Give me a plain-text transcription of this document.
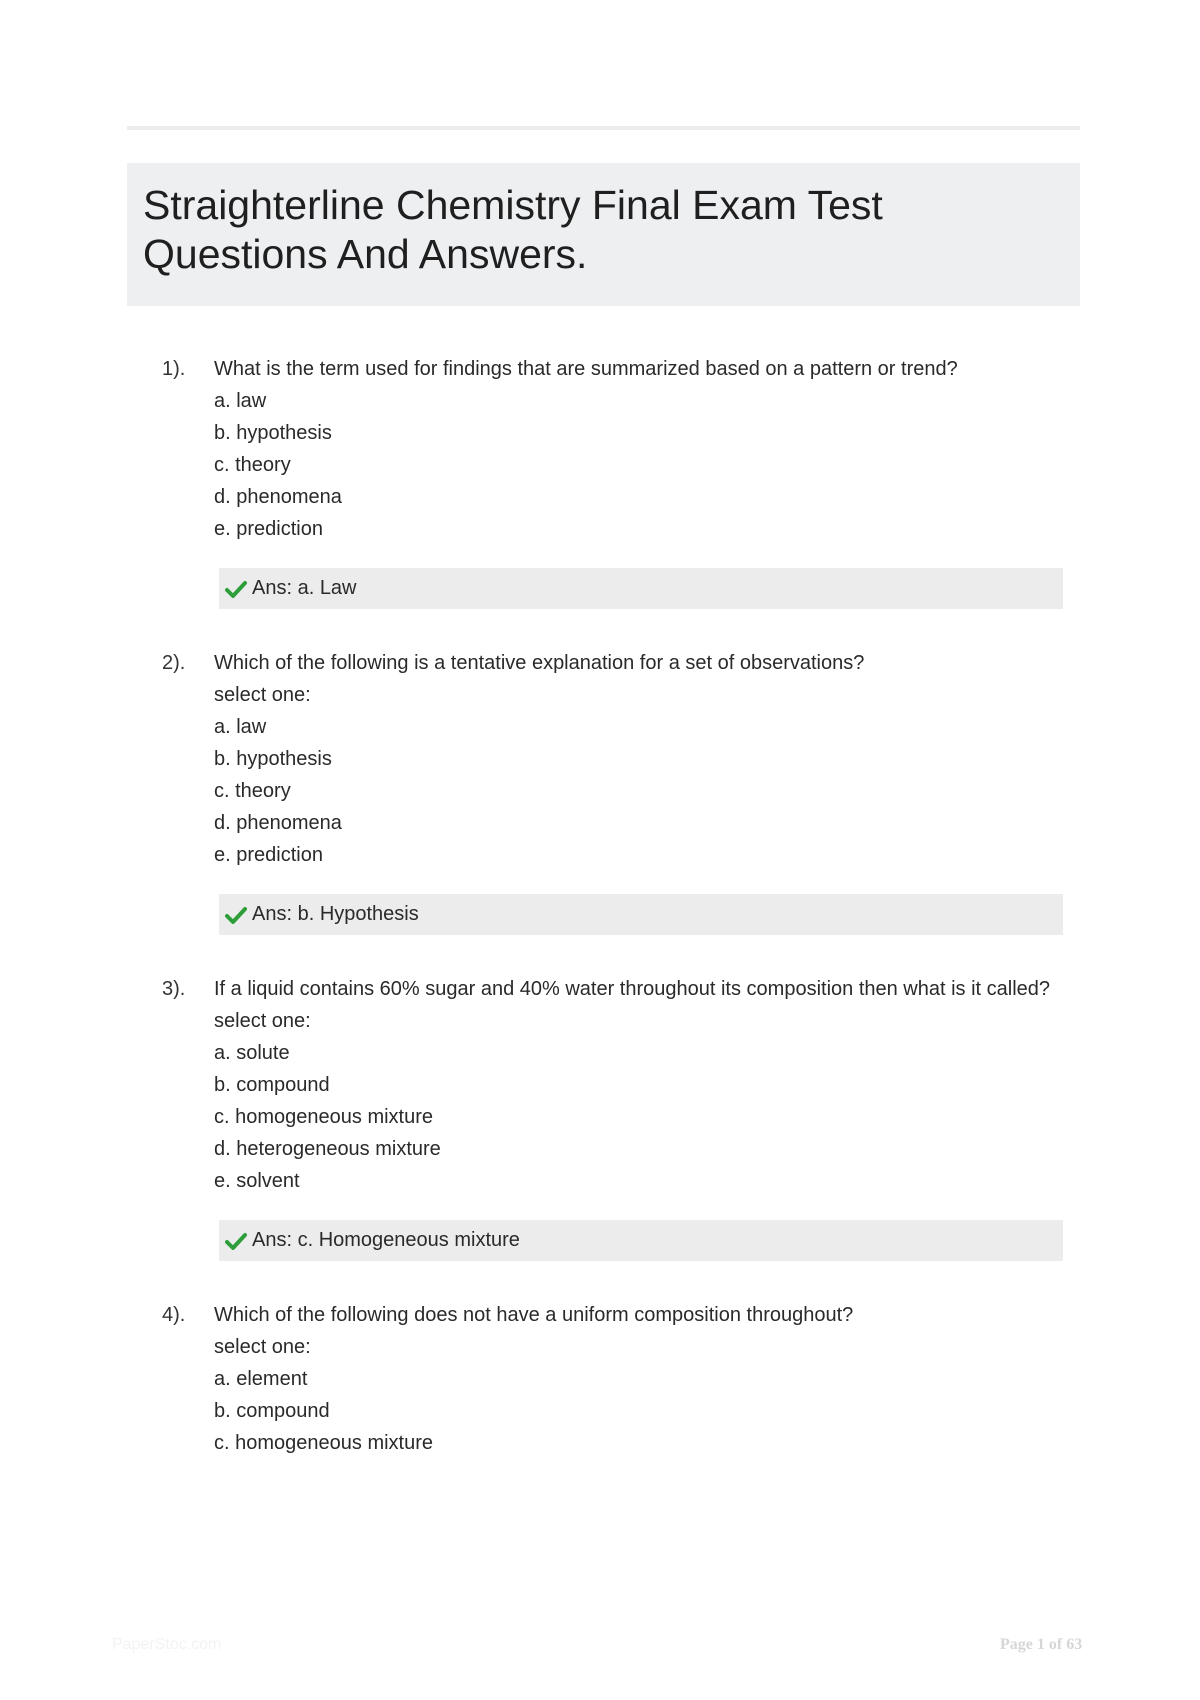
Straighterline Chemistry Final Exam Test Questions And Answers.
1). What is the term used for findings that are summarized based on a pattern or trend?
a. law
b. hypothesis
c. theory
d. phenomena
e. prediction
Ans: a. Law
2). Which of the following is a tentative explanation for a set of observations?
select one:
a. law
b. hypothesis
c. theory
d. phenomena
e. prediction
Ans: b. Hypothesis
3). If a liquid contains 60% sugar and 40% water throughout its composition then what is it called?
select one:
a. solute
b. compound
c. homogeneous mixture
d. heterogeneous mixture
e. solvent
Ans: c. Homogeneous mixture
4). Which of the following does not have a uniform composition throughout?
select one:
a. element
b. compound
c. homogeneous mixture
PaperStoc.com	Page 1 of 63
